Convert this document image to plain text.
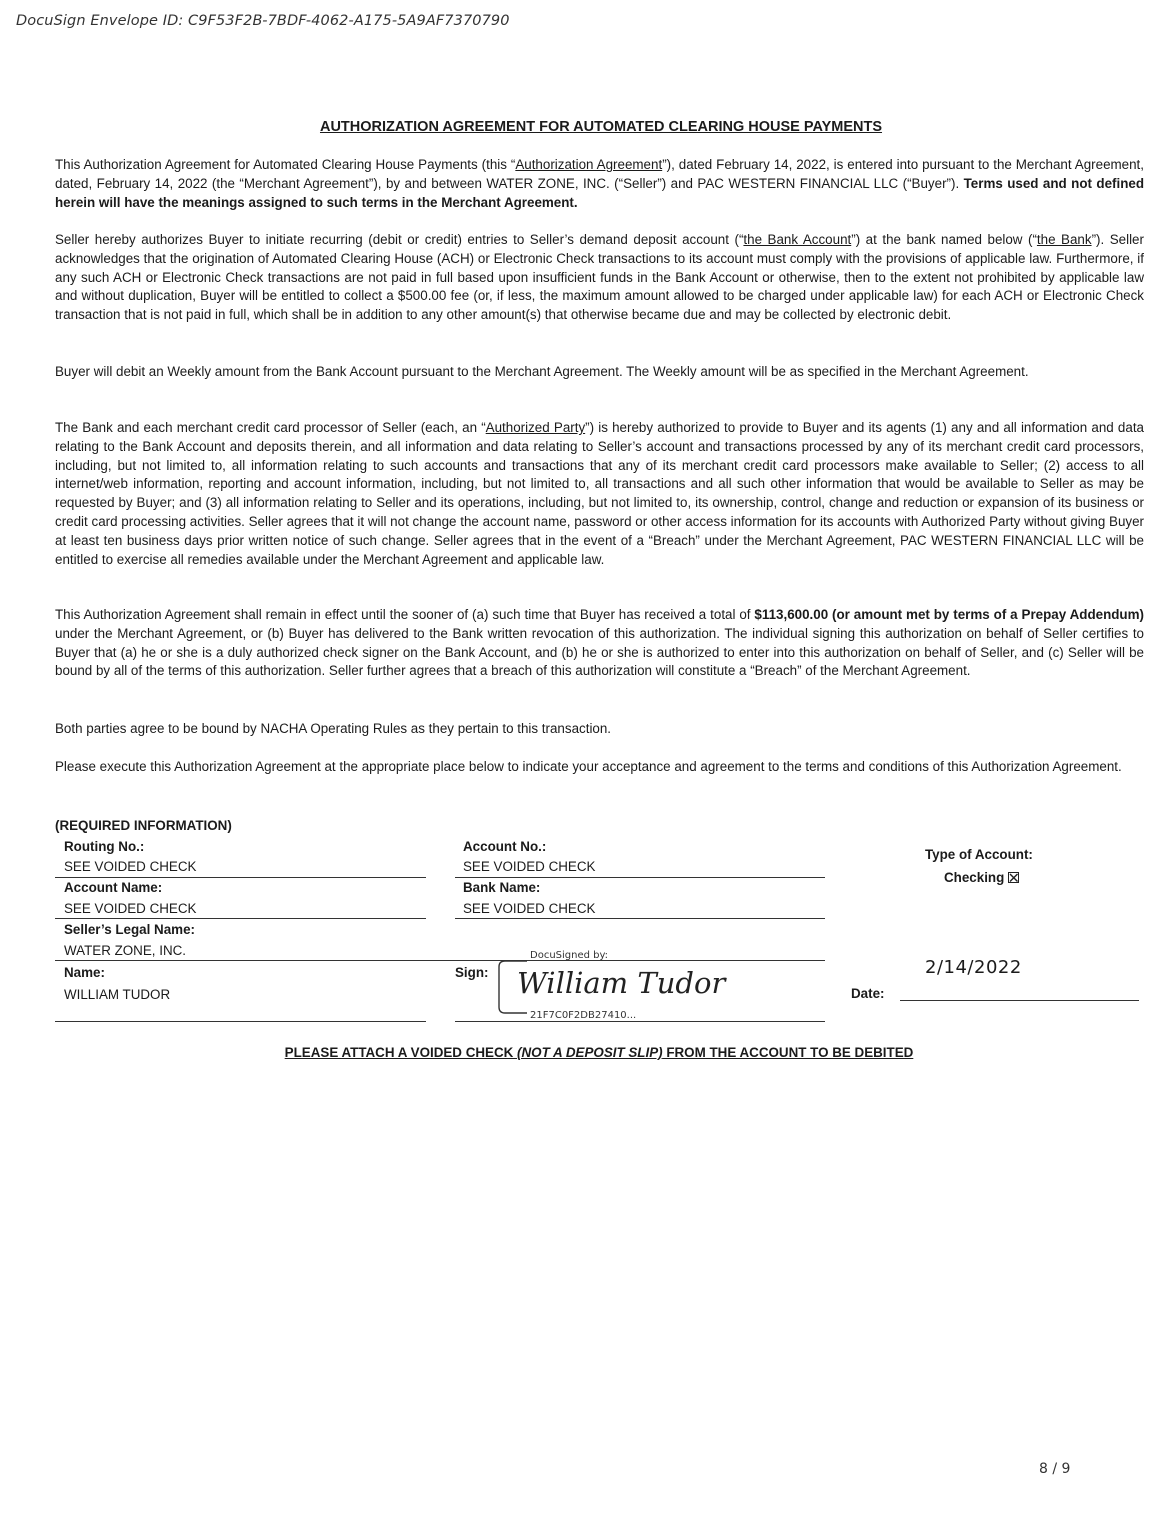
DocuSign Envelope ID: C9F53F2B-7BDF-4062-A175-5A9AF7370790
AUTHORIZATION AGREEMENT FOR AUTOMATED CLEARING HOUSE PAYMENTS

This Authorization Agreement for Automated Clearing House Payments (this “Authorization Agreement”), dated February 14, 2022, is entered into pursuant to the Merchant Agreement, dated, February 14, 2022 (the “Merchant Agreement”), by and between WATER ZONE, INC. (“Seller”) and PAC WESTERN FINANCIAL LLC (“Buyer”). Terms used and not defined herein will have the meanings assigned to such terms in the Merchant Agreement.

Seller hereby authorizes Buyer to initiate recurring (debit or credit) entries to Seller’s demand deposit account (“the Bank Account”) at the bank named below (“the Bank”). Seller acknowledges that the origination of Automated Clearing House (ACH) or Electronic Check transactions to its account must comply with the provisions of applicable law. Furthermore, if any such ACH or Electronic Check transactions are not paid in full based upon insufficient funds in the Bank Account or otherwise, then to the extent not prohibited by applicable law and without duplication, Buyer will be entitled to collect a $500.00 fee (or, if less, the maximum amount allowed to be charged under applicable law) for each ACH or Electronic Check transaction that is not paid in full, which shall be in addition to any other amount(s) that otherwise became due and may be collected by electronic debit.

Buyer will debit an Weekly amount from the Bank Account pursuant to the Merchant Agreement. The Weekly amount will be as specified in the Merchant Agreement.

The Bank and each merchant credit card processor of Seller (each, an “Authorized Party”) is hereby authorized to provide to Buyer and its agents (1) any and all information and data relating to the Bank Account and deposits therein, and all information and data relating to Seller’s account and transactions processed by any of its merchant credit card processors, including, but not limited to, all information relating to such accounts and transactions that any of its merchant credit card processors make available to Seller; (2) access to all internet/web information, reporting and account information, including, but not limited to, all transactions and all such other information that would be available to Seller as may be requested by Buyer; and (3) all information relating to Seller and its operations, including, but not limited to, its ownership, control, change and reduction or expansion of its business or credit card processing activities. Seller agrees that it will not change the account name, password or other access information for its accounts with Authorized Party without giving Buyer at least ten business days prior written notice of such change. Seller agrees that in the event of a “Breach” under the Merchant Agreement, PAC WESTERN FINANCIAL LLC will be entitled to exercise all remedies available under the Merchant Agreement and applicable law.

This Authorization Agreement shall remain in effect until the sooner of (a) such time that Buyer has received a total of $113,600.00 (or amount met by terms of a Prepay Addendum) under the Merchant Agreement, or (b) Buyer has delivered to the Bank written revocation of this authorization. The individual signing this authorization on behalf of Seller certifies to Buyer that (a) he or she is a duly authorized check signer on the Bank Account, and (b) he or she is authorized to enter into this authorization on behalf of Seller, and (c) Seller will be bound by all of the terms of this authorization. Seller further agrees that a breach of this authorization will constitute a “Breach” of the Merchant Agreement.

Both parties agree to be bound by NACHA Operating Rules as they pertain to this transaction.

Please execute this Authorization Agreement at the appropriate place below to indicate your acceptance and agreement to the terms and conditions of this Authorization Agreement.

(REQUIRED INFORMATION)
Routing No.:
SEE VOIDED CHECK
Account No.:
SEE VOIDED CHECK
Type of Account:
Checking
Account Name:
SEE VOIDED CHECK
Bank Name:
SEE VOIDED CHECK
Seller’s Legal Name:
WATER ZONE, INC.
Name:
WILLIAM TUDOR
Sign:
DocuSigned by:
William Tudor
21F7C0F2DB27410...
2/14/2022
Date:
PLEASE ATTACH A VOIDED CHECK (NOT A DEPOSIT SLIP) FROM THE ACCOUNT TO BE DEBITED
8 / 9
